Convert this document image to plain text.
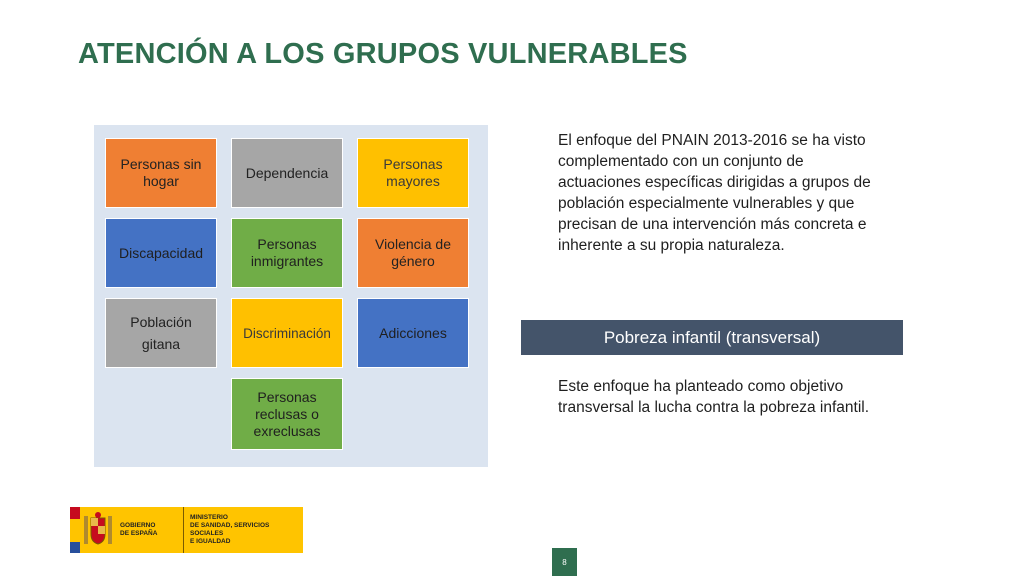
ATENCIÓN A LOS GRUPOS VULNERABLES
Personas sin hogar
Dependencia
Personas mayores
Discapacidad
Personas inmigrantes
Violencia de género
Población
gitana
Discriminación	Adicciones
Personas reclusas o exreclusas
El enfoque del PNAIN 2013-2016 se ha visto complementado con un conjunto de actuaciones específicas dirigidas a grupos de población especialmente vulnerables y que precisan de una intervención más concreta e inherente a su propia naturaleza.
Pobreza infantil (transversal)
Este enfoque ha planteado como objetivo transversal la lucha contra la pobreza infantil.
GOBIERNO
DE ESPAÑA
MINISTERIO
DE SANIDAD, SERVICIOS SOCIALES
E IGUALDAD
8
